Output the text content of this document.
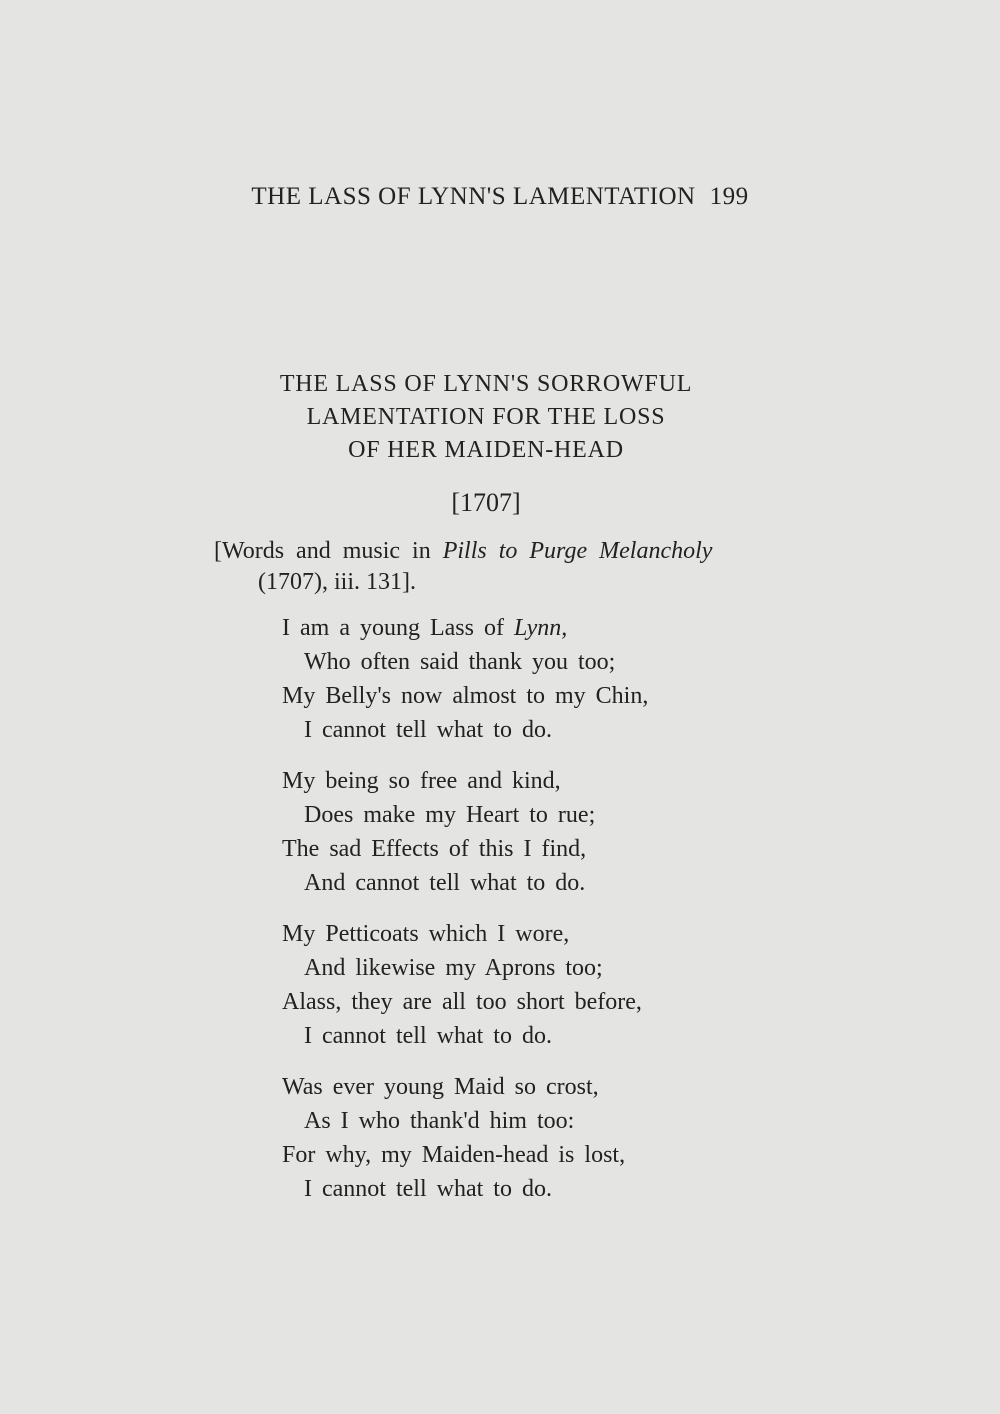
THE LASS OF LYNN'S LAMENTATION 199
THE LASS OF LYNN'S SORROWFUL
LAMENTATION FOR THE LOSS
OF HER MAIDEN-HEAD
[1707]
[Words and music in Pills to Purge Melancholy
(1707), iii. 131].
I am a young Lass of Lynn,
Who often said thank you too;
My Belly's now almost to my Chin,
I cannot tell what to do.
My being so free and kind,
Does make my Heart to rue;
The sad Effects of this I find,
And cannot tell what to do.
My Petticoats which I wore,
And likewise my Aprons too;
Alass, they are all too short before,
I cannot tell what to do.
Was ever young Maid so crost,
As I who thank'd him too:
For why, my Maiden-head is lost,
I cannot tell what to do.
